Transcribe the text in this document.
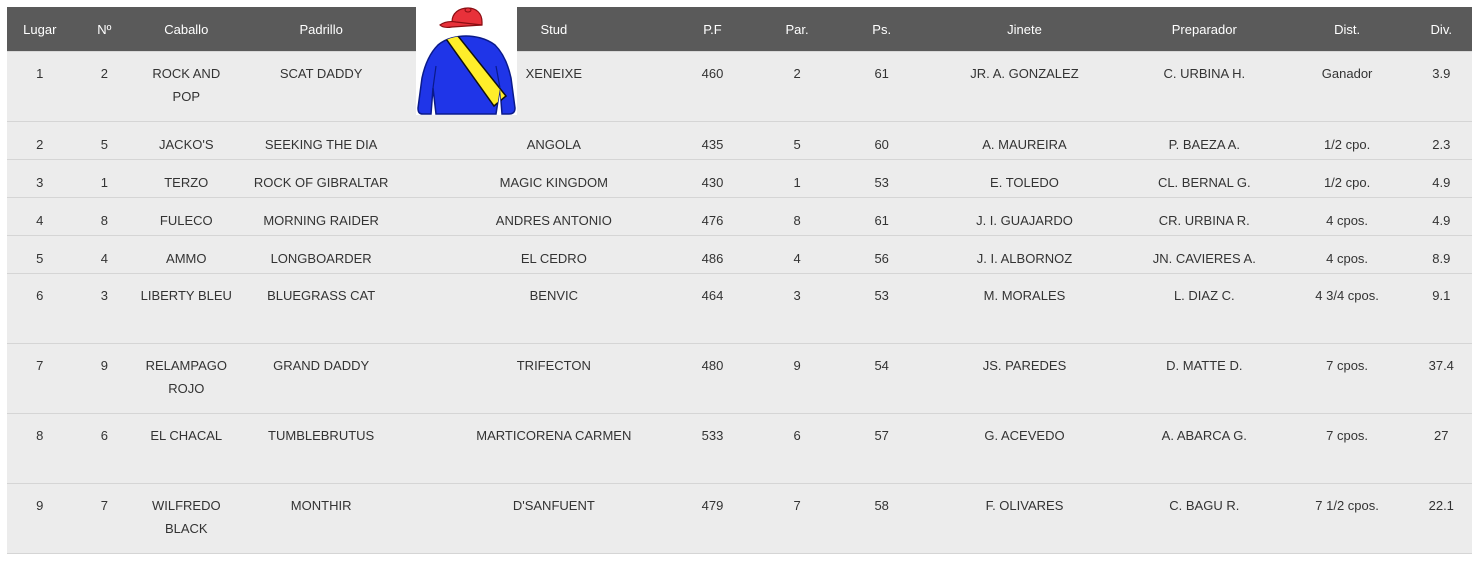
Lugar	Nº	Caballo	Padrillo		Stud	P.F	Par.	Ps.	Jinete	Preparador	Dist.	Div.
1	2	ROCK AND POP	SCAT DADDY		XENEIXE	460	2	61	JR. A. GONZALEZ	C. URBINA H.	Ganador	3.9
2	5	JACKO'S	SEEKING THE DIA		ANGOLA	435	5	60	A. MAUREIRA	P. BAEZA A.	1/2 cpo.	2.3
3	1	TERZO	ROCK OF GIBRALTAR		MAGIC KINGDOM	430	1	53	E. TOLEDO	CL. BERNAL G.	1/2 cpo.	4.9
4	8	FULECO	MORNING RAIDER		ANDRES ANTONIO	476	8	61	J. I. GUAJARDO	CR. URBINA R.	4 cpos.	4.9
5	4	AMMO	LONGBOARDER		EL CEDRO	486	4	56	J. I. ALBORNOZ	JN. CAVIERES A.	4 cpos.	8.9
6	3	LIBERTY BLEU	BLUEGRASS CAT		BENVIC	464	3	53	M. MORALES	L. DIAZ C.	4 3/4 cpos.	9.1
7	9	RELAMPAGO ROJO	GRAND DADDY		TRIFECTON	480	9	54	JS. PAREDES	D. MATTE D.	7 cpos.	37.4
8	6	EL CHACAL	TUMBLEBRUTUS		MARTICORENA CARMEN	533	6	57	G. ACEVEDO	A. ABARCA G.	7 cpos.	27
9	7	WILFREDO BLACK	MONTHIR		D'SANFUENT	479	7	58	F. OLIVARES	C. BAGU R.	7 1/2 cpos.	22.1
